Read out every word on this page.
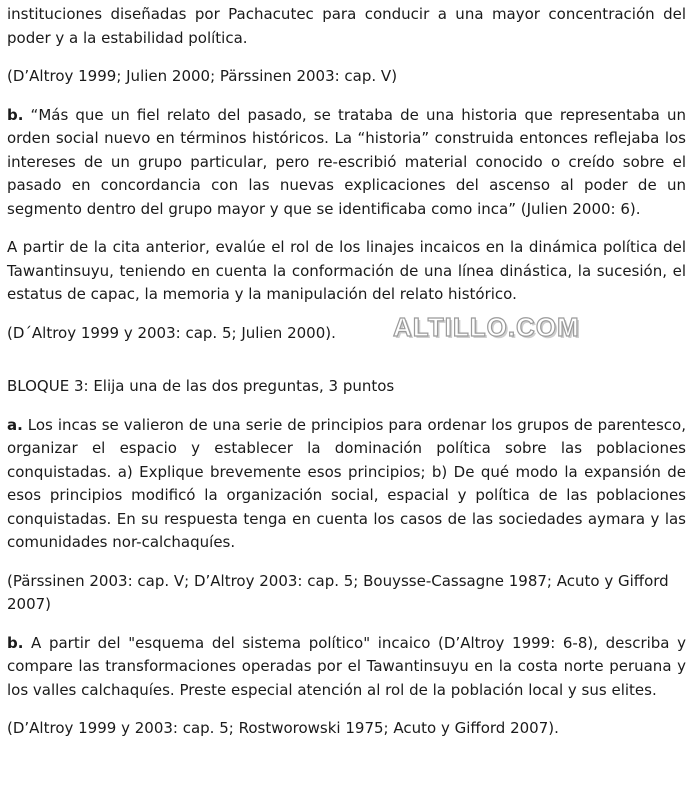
instituciones diseñadas por Pachacutec para conducir a una mayor concentración del poder y a la estabilidad política.

(D’Altroy 1999; Julien 2000; Pärssinen 2003: cap. V)

b. “Más que un fiel relato del pasado, se trataba de una historia que representaba un orden social nuevo en términos históricos. La “historia” construida entonces reflejaba los intereses de un grupo particular, pero re-escribió material conocido o creído sobre el pasado en concordancia con las nuevas explicaciones del ascenso al poder de un segmento dentro del grupo mayor y que se identificaba como inca” (Julien 2000: 6).

A partir de la cita anterior, evalúe el rol de los linajes incaicos en la dinámica política del Tawantinsuyu, teniendo en cuenta la conformación de una línea dinástica, la sucesión, el estatus de capac, la memoria y la manipulación del relato histórico.

(D´Altroy 1999 y 2003: cap. 5; Julien 2000).

BLOQUE 3: Elija una de las dos preguntas, 3 puntos

a. Los incas se valieron de una serie de principios para ordenar los grupos de parentesco, organizar el espacio y establecer la dominación política sobre las poblaciones conquistadas. a) Explique brevemente esos principios; b) De qué modo la expansión de esos principios modificó la organización social, espacial y política de las poblaciones conquistadas. En su respuesta tenga en cuenta los casos de las sociedades aymara y las comunidades nor-calchaquíes.

(Pärssinen 2003: cap. V; D’Altroy 2003: cap. 5; Bouysse-Cassagne 1987; Acuto y Gifford 2007)

b. A partir del "esquema del sistema político" incaico (D’Altroy 1999: 6-8), describa y compare las transformaciones operadas por el Tawantinsuyu en la costa norte peruana y los valles calchaquíes. Preste especial atención al rol de la población local y sus elites.

(D’Altroy 1999 y 2003: cap. 5; Rostworowski 1975; Acuto y Gifford 2007).

ALTILLO.COM
